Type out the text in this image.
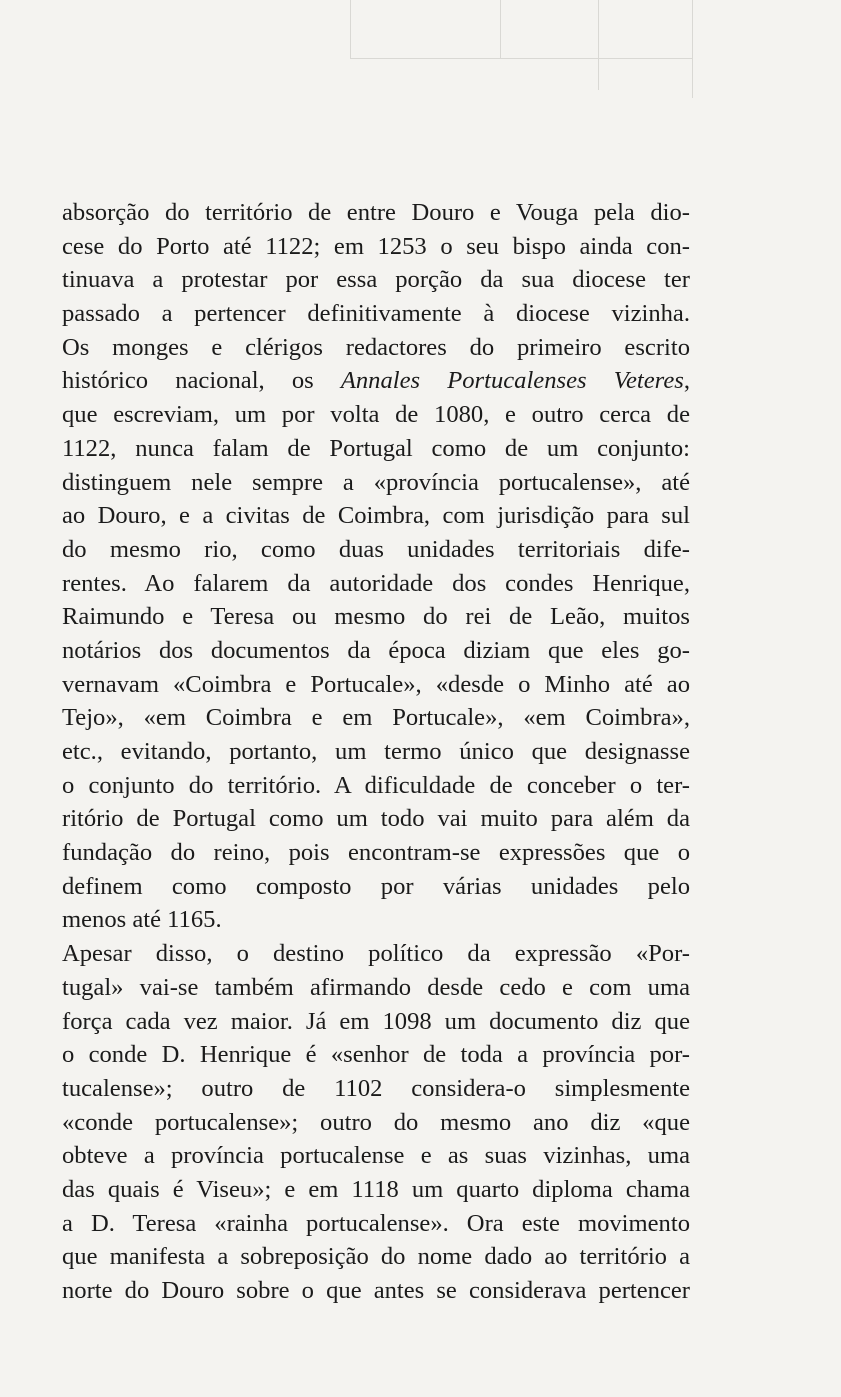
absorção do território de entre Douro e Vouga pela dio-
cese do Porto até 1122; em 1253 o seu bispo ainda con-
tinuava a protestar por essa porção da sua diocese ter
passado a pertencer definitivamente à diocese vizinha.
Os monges e clérigos redactores do primeiro escrito
histórico nacional, os Annales Portucalenses Veteres,
que escreviam, um por volta de 1080, e outro cerca de
1122, nunca falam de Portugal como de um conjunto:
distinguem nele sempre a «província portucalense», até
ao Douro, e a civitas de Coimbra, com jurisdição para sul
do mesmo rio, como duas unidades territoriais dife-
rentes. Ao falarem da autoridade dos condes Henrique,
Raimundo e Teresa ou mesmo do rei de Leão, muitos
notários dos documentos da época diziam que eles go-
vernavam «Coimbra e Portucale», «desde o Minho até ao
Tejo», «em Coimbra e em Portucale», «em Coimbra»,
etc., evitando, portanto, um termo único que designasse
o conjunto do território. A dificuldade de conceber o ter-
ritório de Portugal como um todo vai muito para além da
fundação do reino, pois encontram-se expressões que o
definem como composto por várias unidades pelo
menos até 1165.
Apesar disso, o destino político da expressão «Por-
tugal» vai-se também afirmando desde cedo e com uma
força cada vez maior. Já em 1098 um documento diz que
o conde D. Henrique é «senhor de toda a província por-
tucalense»; outro de 1102 considera-o simplesmente
«conde portucalense»; outro do mesmo ano diz «que
obteve a província portucalense e as suas vizinhas, uma
das quais é Viseu»; e em 1118 um quarto diploma chama
a D. Teresa «rainha portucalense». Ora este movimento
que manifesta a sobreposição do nome dado ao território a
norte do Douro sobre o que antes se considerava pertencer
